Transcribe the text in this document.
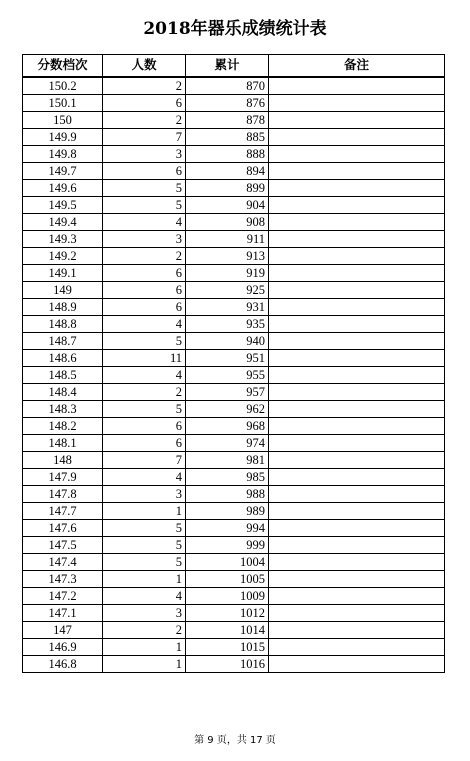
2018年器乐成绩统计表
分数档次	人数	累计	备注
150.2	2	870	
150.1	6	876	
150	2	878	
149.9	7	885	
149.8	3	888	
149.7	6	894	
149.6	5	899	
149.5	5	904	
149.4	4	908	
149.3	3	911	
149.2	2	913	
149.1	6	919	
149	6	925	
148.9	6	931	
148.8	4	935	
148.7	5	940	
148.6	11	951	
148.5	4	955	
148.4	2	957	
148.3	5	962	
148.2	6	968	
148.1	6	974	
148	7	981	
147.9	4	985	
147.8	3	988	
147.7	1	989	
147.6	5	994	
147.5	5	999	
147.4	5	1004	
147.3	1	1005	
147.2	4	1009	
147.1	3	1012	
147	2	1014	
146.9	1	1015	
146.8	1	1016	
第 9 页，共 17 页
